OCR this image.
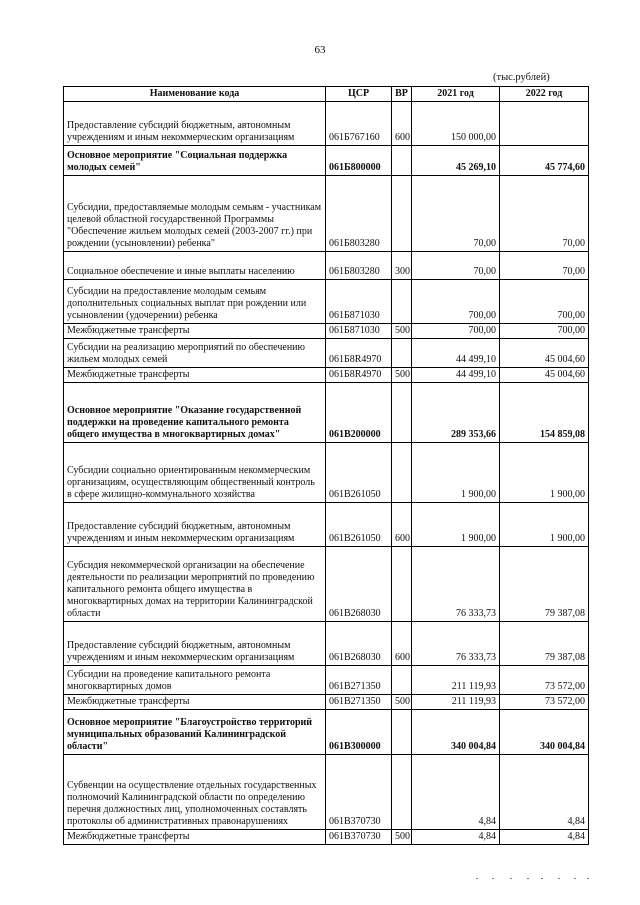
63
(тыс.рублей)
Наименование кода	ЦСР	ВР	2021 год	2022 год
Предоставление субсидий бюджетным, автономным учреждениям и иным некоммерческим организациям	061Б767160	600	150 000,00	
Основное мероприятие "Социальная поддержка молодых семей"	061Б800000		45 269,10	45 774,60
Субсидии, предоставляемые молодым семьям - участникам целевой областной государственной Программы "Обеспечение жильем молодых семей (2003-2007 гг.) при рождении (усыновлении) ребенка"	061Б803280		70,00	70,00
Социальное обеспечение и иные выплаты населению	061Б803280	300	70,00	70,00
Субсидии на предоставление молодым семьям дополнительных социальных выплат при рождении или усыновлении (удочерении) ребенка	061Б871030		700,00	700,00
Межбюджетные трансферты	061Б871030	500	700,00	700,00
Субсидии на реализацию мероприятий по обеспечению жильем молодых семей	061Б8R4970		44 499,10	45 004,60
Межбюджетные трансферты	061Б8R4970	500	44 499,10	45 004,60
Основное мероприятие "Оказание государственной поддержки на проведение капитального ремонта общего имущества в многоквартирных домах"	061В200000		289 353,66	154 859,08
Субсидии социально ориентированным некоммерческим организациям, осуществляющим общественный контроль в сфере жилищно-коммунального хозяйства	061В261050		1 900,00	1 900,00
Предоставление субсидий бюджетным, автономным учреждениям и иным некоммерческим организациям	061В261050	600	1 900,00	1 900,00
Субсидия некоммерческой организации на обеспечение деятельности по реализации мероприятий по проведению капитального ремонта общего имущества в многоквартирных домах на территории Калининградской области	061В268030		76 333,73	79 387,08
Предоставление субсидий бюджетным, автономным учреждениям и иным некоммерческим организациям	061В268030	600	76 333,73	79 387,08
Субсидии на проведение капитального ремонта многоквартирных домов	061В271350		211 119,93	73 572,00
Межбюджетные трансферты	061В271350	500	211 119,93	73 572,00
Основное мероприятие "Благоустройство территорий муниципальных образований Калининградской области"	061В300000		340 004,84	340 004,84
Субвенции на осуществление отдельных государственных полномочий Калининградской области по определению перечня должностных лиц, уполномоченных составлять протоколы об административных правонарушениях	061В370730		4,84	4,84
Межбюджетные трансферты	061В370730	500	4,84	4,84
